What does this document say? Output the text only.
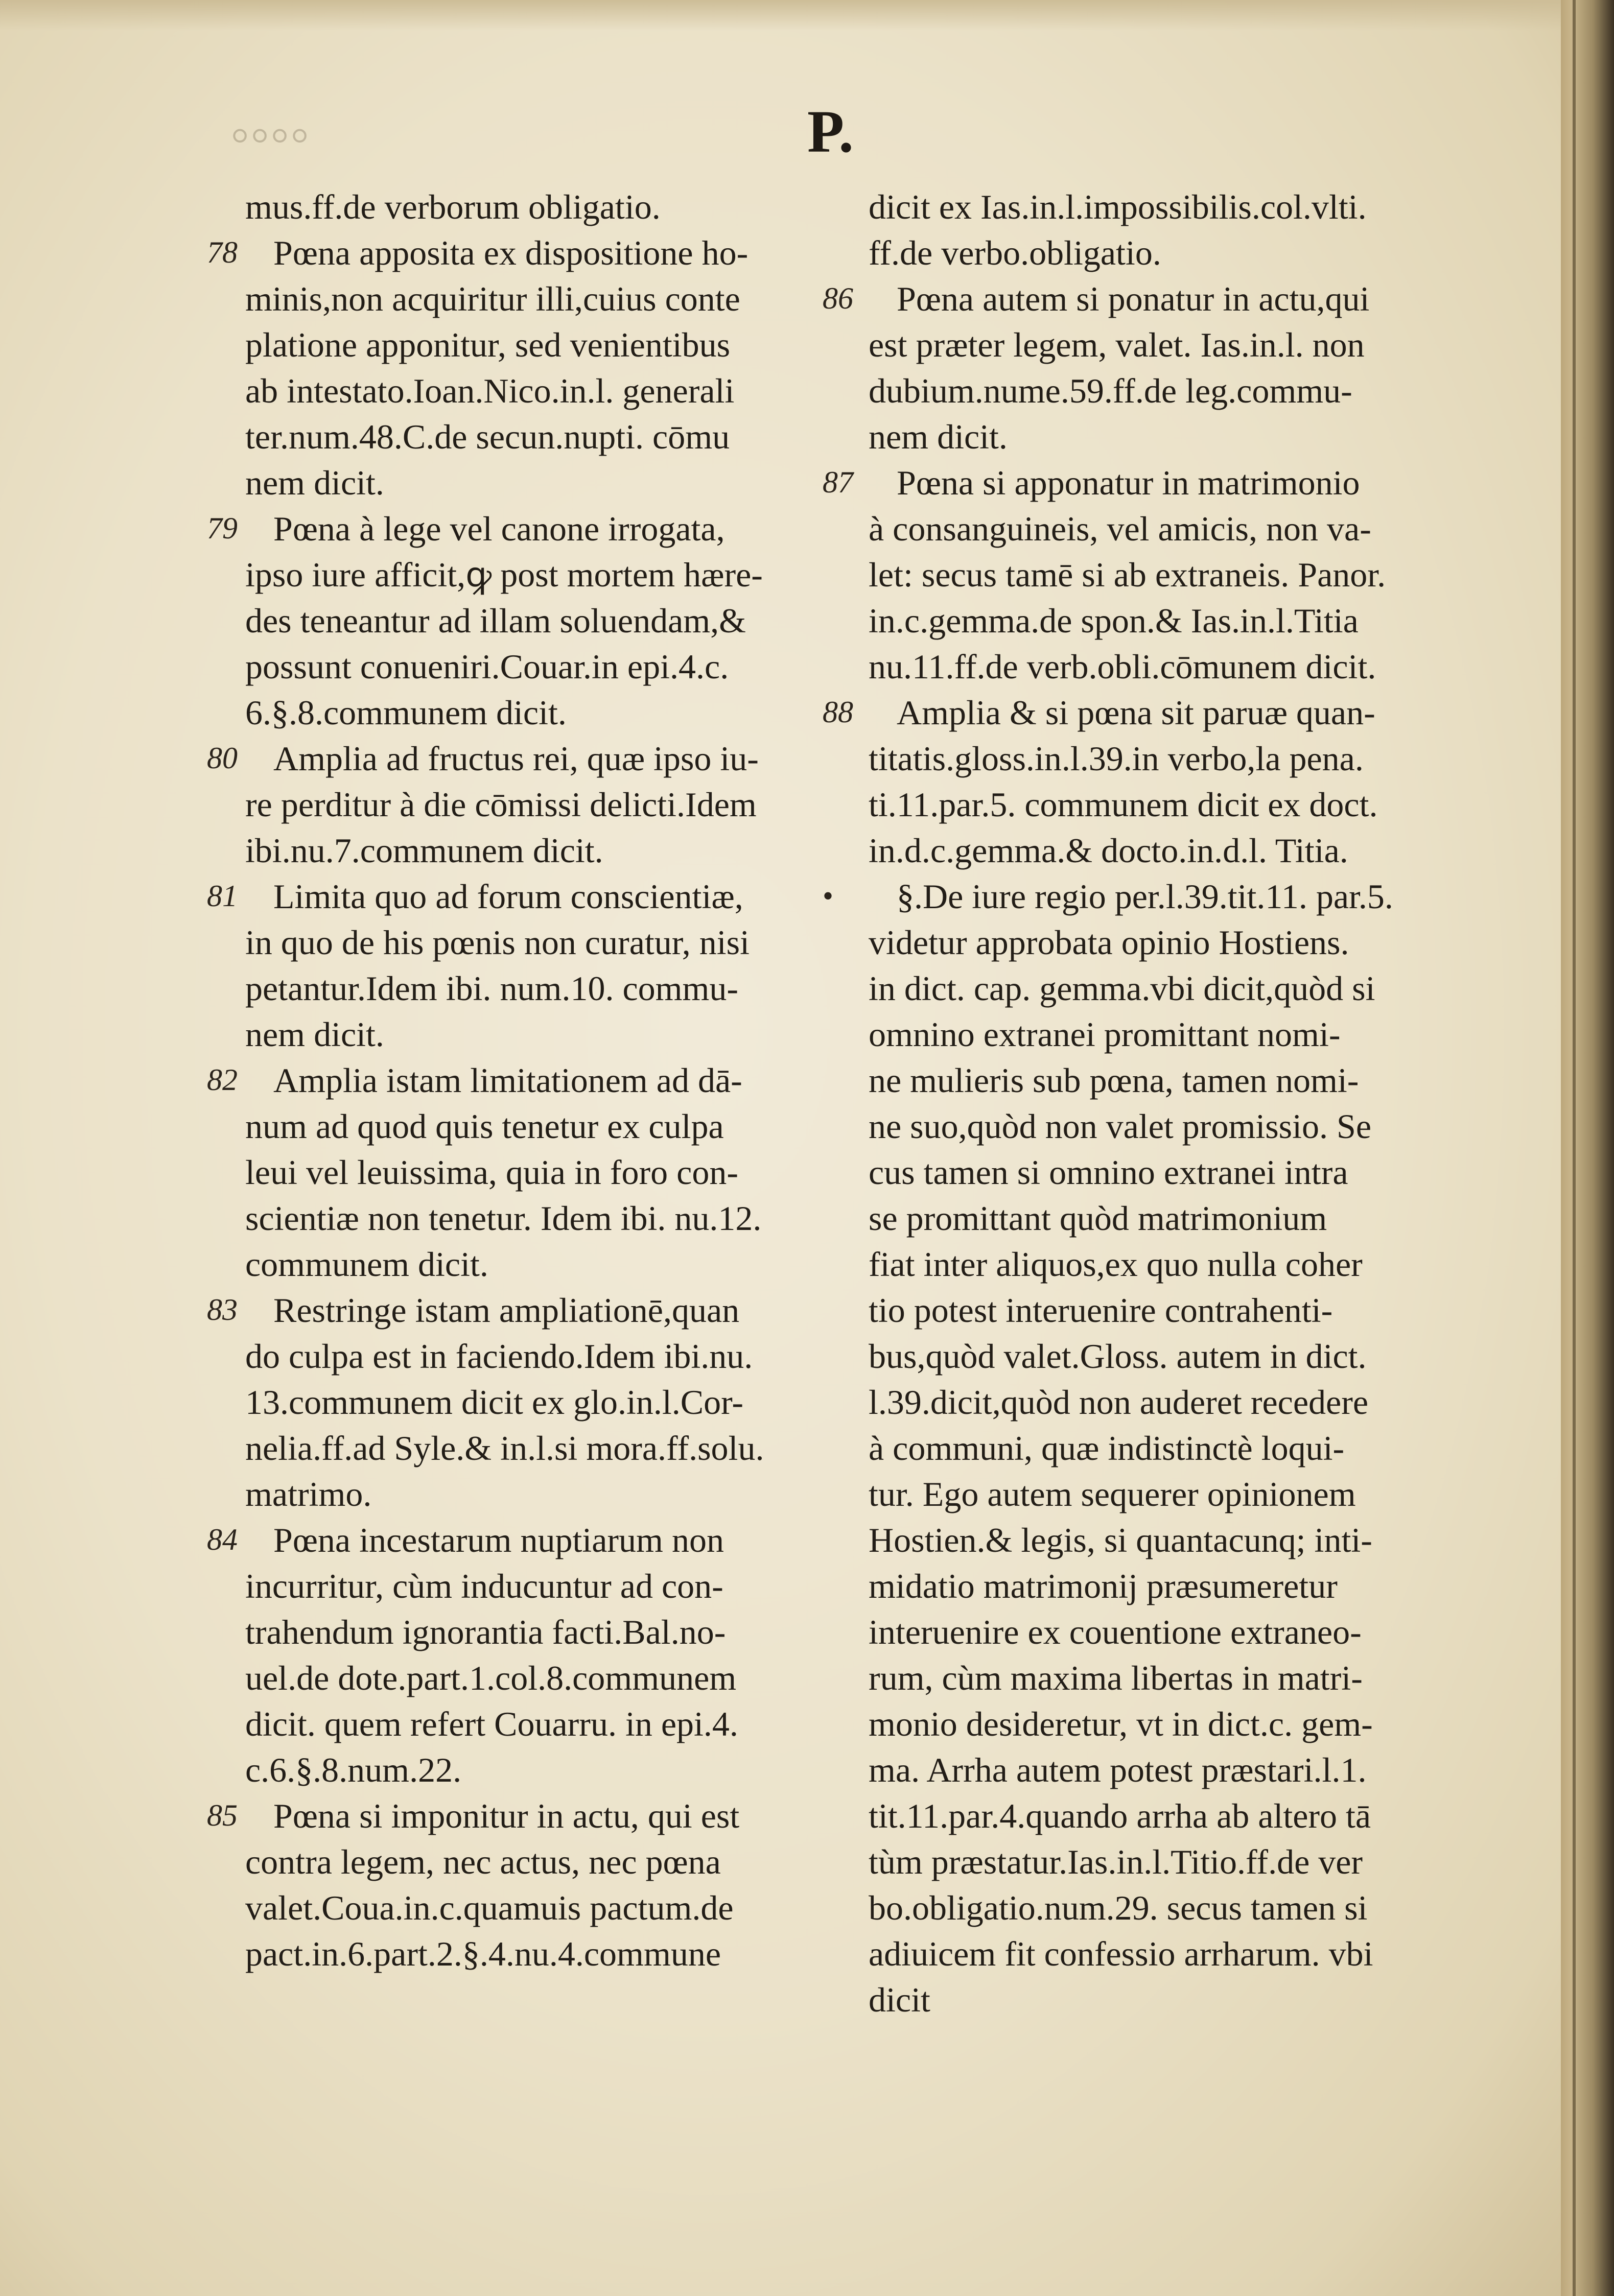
◦◦◦◦	P.
mus.ff.de verborum obligatio.
Pœna apposita ex dispositione ho-
minis,non acquiritur illi,cuius conte
platione apponitur, sed venientibus
ab intestato.Ioan.Nico.in.l. generali
ter.num.48.C.de secun.nupti. cōmu
nem dicit.
Pœna à lege vel canone irrogata,
ipso iure afficit,ꝙ post mortem hære-
des teneantur ad illam soluendam,&
possunt conueniri.Couar.in epi.4.c.
6.§.8.communem dicit.
Amplia ad fructus rei, quæ ipso iu-
re perditur à die cōmissi delicti.Idem
ibi.nu.7.communem dicit.
Limita quo ad forum conscientiæ,
in quo de his pœnis non curatur, nisi
petantur.Idem ibi. num.10. commu-
nem dicit.
Amplia istam limitationem ad dā-
num ad quod quis tenetur ex culpa
leui vel leuissima, quia in foro con-
scientiæ non tenetur. Idem ibi. nu.12.
communem dicit.
Restringe istam ampliationē,quan
do culpa est in faciendo.Idem ibi.nu.
13.communem dicit ex glo.in.l.Cor-
nelia.ff.ad Syle.& in.l.si mora.ff.solu.
matrimo.
Pœna incestarum nuptiarum non
incurritur, cùm inducuntur ad con-
trahendum ignorantia facti.Bal.no-
uel.de dote.part.1.col.8.communem
dicit. quem refert Couarru. in epi.4.
c.6.§.8.num.22.
Pœna si imponitur in actu, qui est
contra legem, nec actus, nec pœna
valet.Coua.in.c.quamuis pactum.de
pact.in.6.part.2.§.4.nu.4.commune
dicit ex Ias.in.l.impossibilis.col.vlti.
ff.de verbo.obligatio.
Pœna autem si ponatur in actu,qui
est præter legem, valet. Ias.in.l. non
dubium.nume.59.ff.de leg.commu-
nem dicit.
Pœna si apponatur in matrimonio
à consanguineis, vel amicis, non va-
let: secus tamē si ab extraneis. Panor.
in.c.gemma.de spon.& Ias.in.l.Titia
nu.11.ff.de verb.obli.cōmunem dicit.
Amplia & si pœna sit paruæ quan-
titatis.gloss.in.l.39.in verbo,la pena.
ti.11.par.5. communem dicit ex doct.
in.d.c.gemma.& docto.in.d.l. Titia.
§.De iure regio per.l.39.tit.11. par.5.
videtur approbata opinio Hostiens.
in dict. cap. gemma.vbi dicit,quòd si
omnino extranei promittant nomi-
ne mulieris sub pœna, tamen nomi-
ne suo,quòd non valet promissio. Se
cus tamen si omnino extranei intra
se promittant quòd matrimonium
fiat inter aliquos,ex quo nulla coher
tio potest interuenire contrahenti-
bus,quòd valet.Gloss. autem in dict.
l.39.dicit,quòd non auderet recedere
à communi, quæ indistinctè loqui-
tur. Ego autem sequerer opinionem
Hostien.& legis, si quantacunq; inti-
midatio matrimonij præsumeretur
interuenire ex couentione extraneo-
rum, cùm maxima libertas in matri-
monio desideretur, vt in dict.c. gem-
ma. Arrha autem potest præstari.l.1.
tit.11.par.4.quando arrha ab altero tā
tùm præstatur.Ias.in.l.Titio.ff.de ver
bo.obligatio.num.29. secus tamen si
adiuicem fit confessio arrharum. vbi
dicit
78
79
80
81
82
83
84
85
86
87
88
•
